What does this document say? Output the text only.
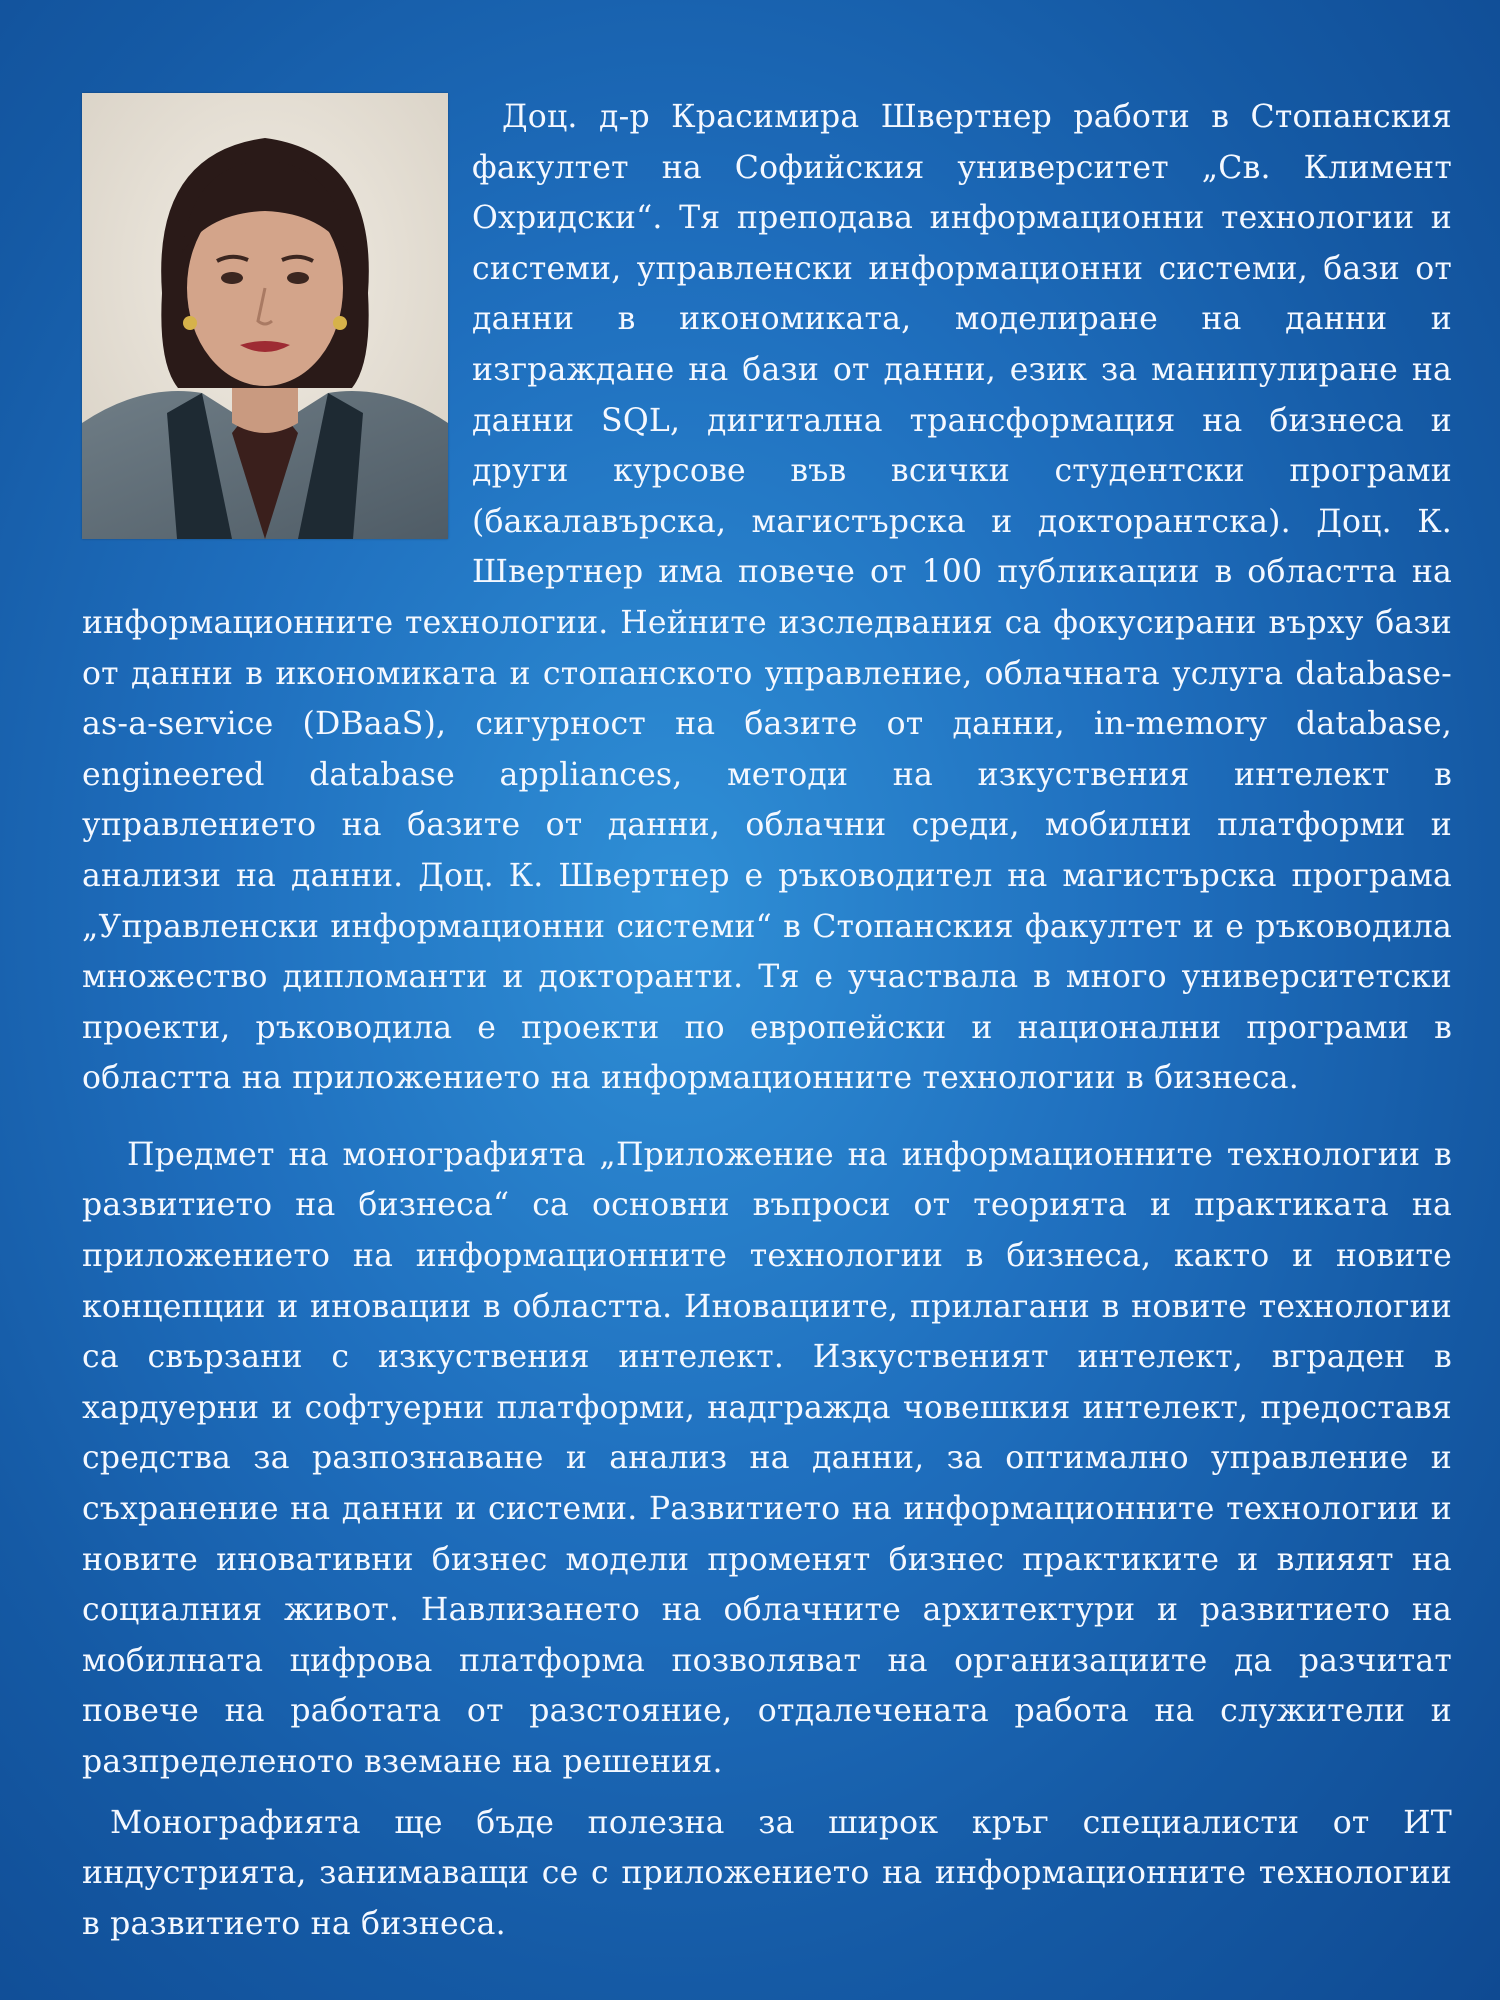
Доц. д-р Красимира Швертнер работи в Стопанския факултет на Софийския университет „Св. Климент Охридски“. Тя преподава информационни технологии и системи, управленски информационни системи, бази от данни в икономиката, моделиране на данни и изграждане на бази от данни, език за манипулиране на данни SQL, дигитална трансформация на бизнеса и други курсове във всички студентски програми (бакалавърска, магистърска и докторантска). Доц. К. Швертнер има повече от 100 публикации в областта на информационните технологии. Нейните изследвания са фокусирани върху бази от данни в икономиката и стопанското управление, облачната услуга database-as-a-service (DBaaS), сигурност на базите от данни, in-memory database, engineered database appliances, методи на изкуствения интелект в управлението на базите от данни, облачни среди, мобилни платформи и анализи на данни. Доц. К. Швертнер е ръководител на магистърска програма „Управленски информационни системи“ в Стопанския факултет и е ръководила множество дипломанти и докторанти. Тя е участвала в много университетски проекти, ръководила е проекти по европейски и национални програми в областта на приложението на информационните технологии в бизнеса.

Предмет на монографията „Приложение на информационните технологии в развитието на бизнеса“ са основни въпроси от теорията и практиката на приложението на информационните технологии в бизнеса, както и новите концепции и иновации в областта. Иновациите, прилагани в новите технологии са свързани с изкуствения интелект. Изкуственият интелект, вграден в хардуерни и софтуерни платформи, надгражда човешкия интелект, предоставя средства за разпознаване и анализ на данни, за оптимално управление и съхранение на данни и системи. Развитието на информационните технологии и новите иновативни бизнес модели променят бизнес практиките и влияят на социалния живот. Навлизането на облачните архитектури и развитието на мобилната цифрова платформа позволяват на организациите да разчитат повече на работата от разстояние, отдалечената работа на служители и разпределеното вземане на решения.

Монографията ще бъде полезна за широк кръг специалисти от ИТ индустрията, занимаващи се с приложението на информационните технологии в развитието на бизнеса.
